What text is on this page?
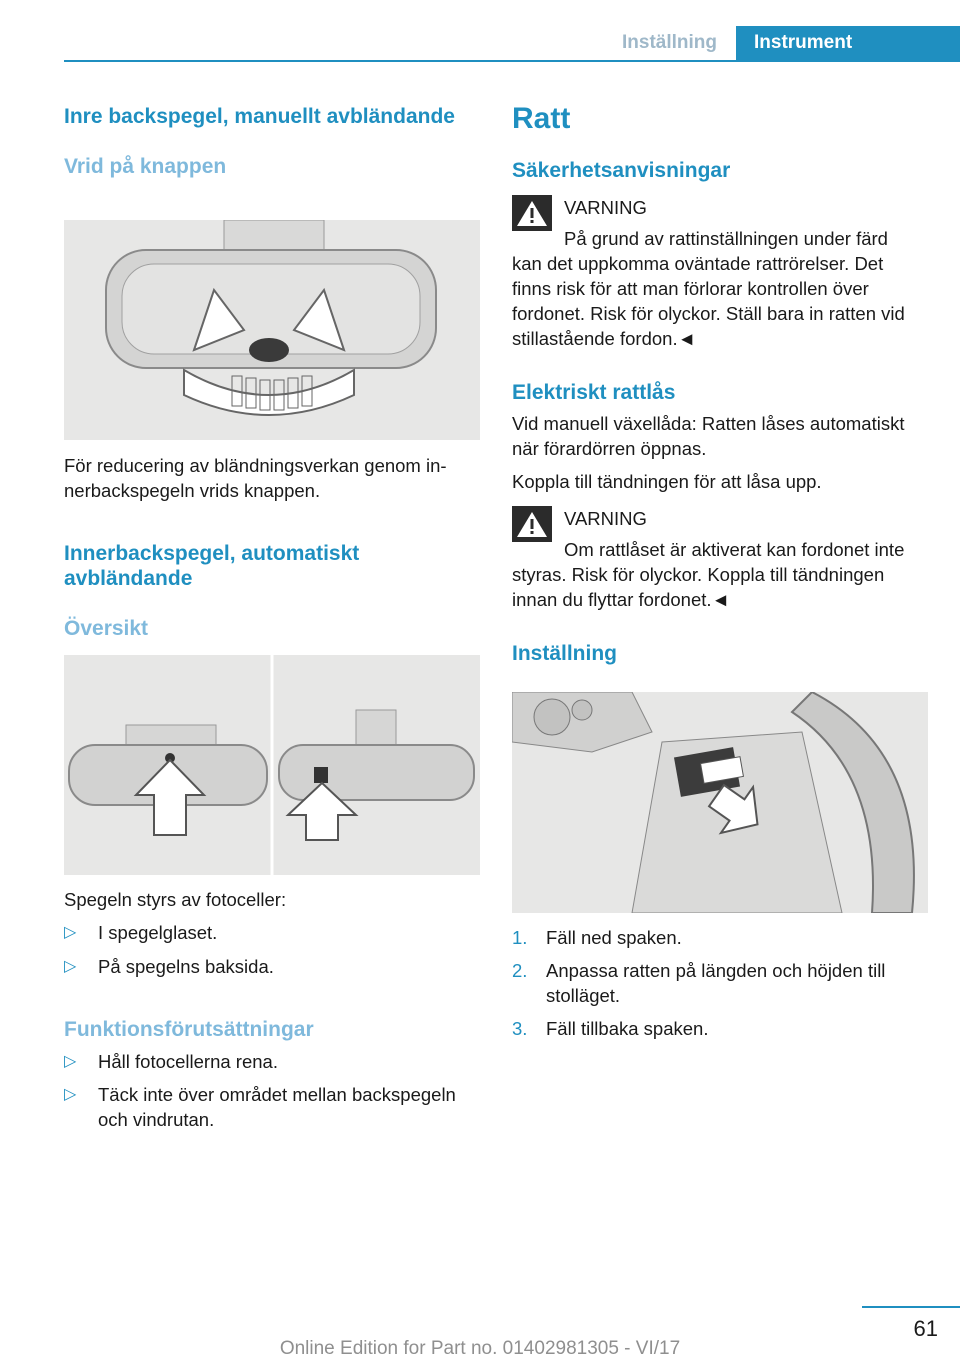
Inställning	Instrument
Inre backspegel, manuellt avbländande
Vrid på knappen

För reducering av bländningsverkan genom innerbackspegeln vrids knappen.

Innerbackspegel, automatiskt avbländande
Översikt

Spegeln styrs av fotoceller:

▷ I spegelglaset.
▷ På spegelns baksida.
Funktionsförutsättningar
▷ Håll fotocellerna rena.
▷ Täck inte över området mellan backspegeln och vindrutan.
Ratt
Säkerhetsanvisningar

VARNING

På grund av rattinställningen under färd kan det uppkomma oväntade rattrörelser. Det finns risk för att man förlorar kontrollen över fordonet. Risk för olyckor. Ställ bara in ratten vid stillastående fordon.◄

Elektriskt rattlås

Vid manuell växellåda: Ratten låses automatiskt när förardörren öppnas.

Koppla till tändningen för att låsa upp.

VARNING

Om rattlåset är aktiverat kan fordonet inte styras. Risk för olyckor. Koppla till tändningen innan du flyttar fordonet.◄

Inställning
1. Fäll ned spaken.
2. Anpassa ratten på längden och höjden till stolläget.
3. Fäll tillbaka spaken.
61
Online Edition for Part no. 01402981305 - VI/17
